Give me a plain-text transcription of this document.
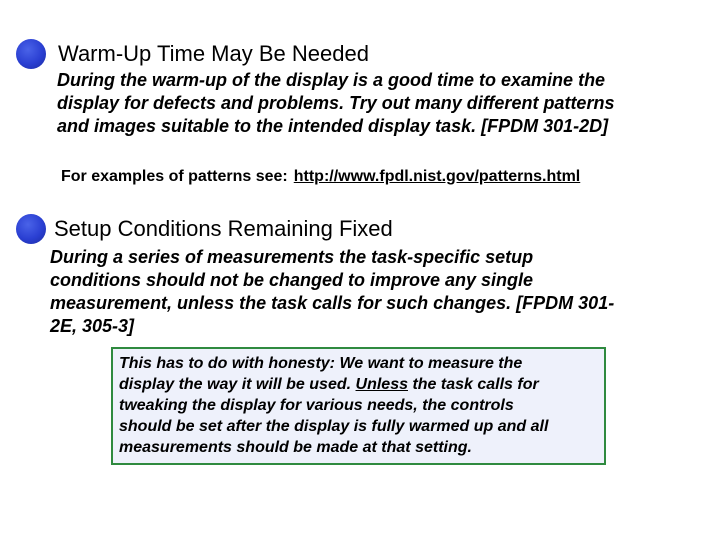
Warm-Up Time May Be Needed
During the warm-up of the display is a good time to examine the
display for defects and problems. Try out many different patterns
and images suitable to the intended display task. [FPDM 301-2D]
For examples of patterns see: http://www.fpdl.nist.gov/patterns.html
Setup Conditions Remaining Fixed
During a series of measurements the task-specific setup
conditions should not be changed to improve any single
measurement, unless the task calls for such changes. [FPDM 301-
2E, 305-3]
This has to do with honesty: We want to measure the
display the way it will be used. Unless the task calls for
tweaking the display for various needs, the controls
should be set after the display is fully warmed up and all
measurements should be made at that setting.
